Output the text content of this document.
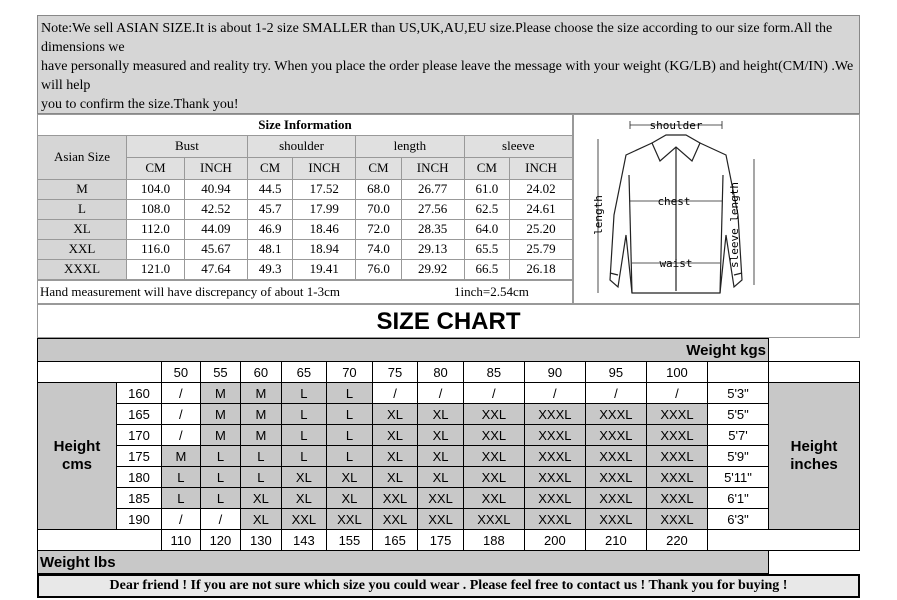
Note:We sell ASIAN SIZE.It is about 1-2 size SMALLER than US,UK,AU,EU size.Please choose the size according to our size form.All the dimensions we

have personally measured and reality try. When you place the order please leave the message with your weight (KG/LB) and height(CM/IN) .We will help

you to confirm the size.Thank you!

Size Information								
Asian Size	Bust		shoulder		length		sleeve	
	CM	INCH	CM	INCH	CM	INCH	CM	INCH
M	104.0	40.94	44.5	17.52	68.0	26.77	61.0	24.02
L	108.0	42.52	45.7	17.99	70.0	27.56	62.5	24.61
XL	112.0	44.09	46.9	18.46	72.0	28.35	64.0	25.20
XXL	116.0	45.67	48.1	18.94	74.0	29.13	65.5	25.79
XXXL	121.0	47.64	49.3	19.41	76.0	29.92	66.5	26.18
Hand measurement will have discrepancy of about 1-3cm	1inch=2.54cm
shoulder
chest
waist
length	sleeve length
SIZE CHART
Weight kgs														
		50	55	60	65	70	75	80	85	90	95	100		
Height
cms	160	/	M	M	L	L	/	/	/	/	/	/	5'3"	Height
inches
	165	/	M	M	L	L	XL	XL	XXL	XXXL	XXXL	XXXL	5'5"	
	170	/	M	M	L	L	XL	XL	XXL	XXXL	XXXL	XXXL	5'7'	
	175	M	L	L	L	L	XL	XL	XXL	XXXL	XXXL	XXXL	5'9"	
	180	L	L	L	XL	XL	XL	XL	XXL	XXXL	XXXL	XXXL	5'11"	
	185	L	L	XL	XL	XL	XXL	XXL	XXL	XXXL	XXXL	XXXL	6'1"	
	190	/	/	XL	XXL	XXL	XXL	XXL	XXXL	XXXL	XXXL	XXXL	6'3"	
		110	120	130	143	155	165	175	188	200	210	220		
Weight lbs														
Dear friend ! If you are not sure which size you could wear . Please feel free to contact us ! Thank you for buying !
